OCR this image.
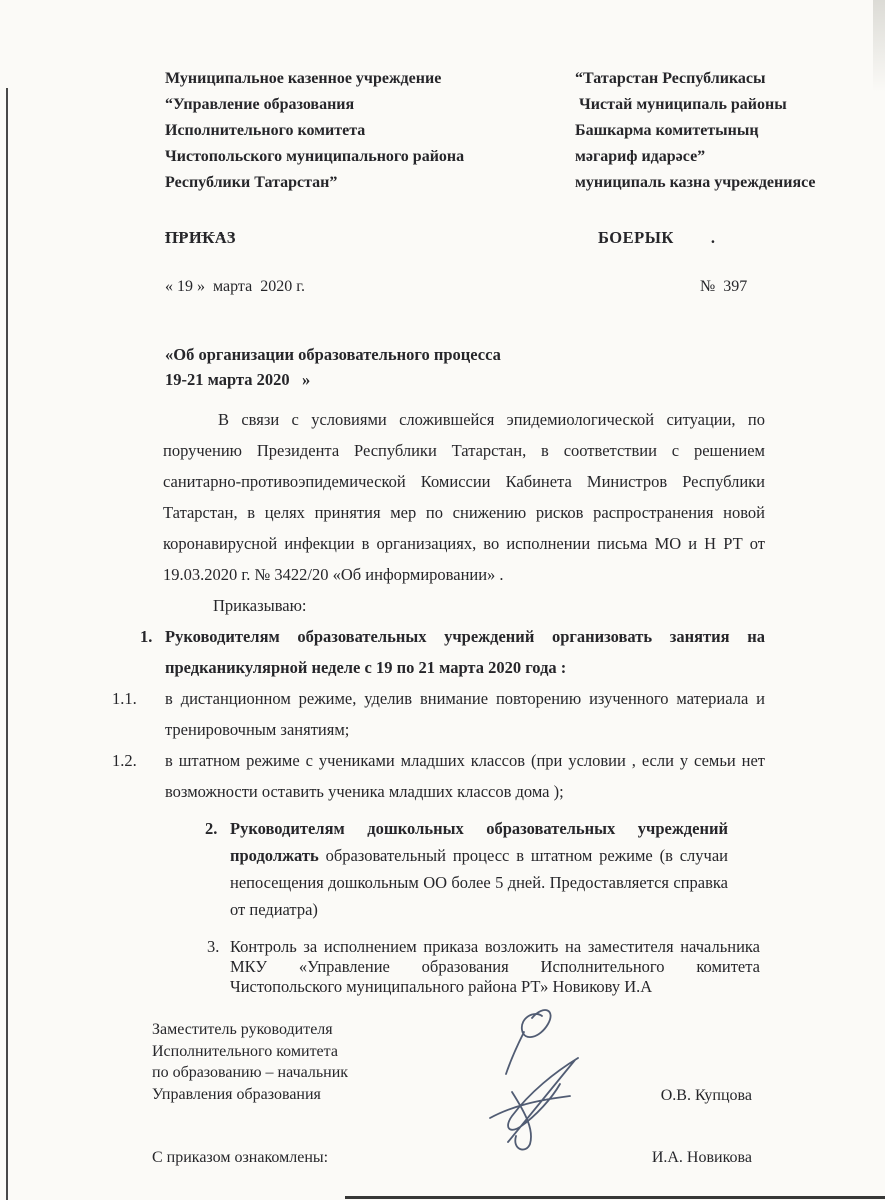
Муниципальное казенное учреждение
“Управление образования
Исполнительного комитета
Чистопольского муниципального района
Республики Татарстан”
“Татарстан Республикасы
Чистай муниципаль районы
Башкарма комитетының
мәгариф идарәсе”
муниципаль казна учреждениясе
ПРИКАЗ	БОЕРЫК        .
« 19 »  марта  2020 г.	№  397
«Об организации образовательного процесса
19-21 марта 2020   »

В связи с условиями сложившейся эпидемиологической ситуации, по поручению Президента Республики Татарстан, в соответствии с решением санитарно-противоэпидемической Комиссии Кабинета Министров Республики Татарстан, в целях принятия мер по снижению рисков распространения новой коронавирусной инфекции в организациях, во исполнении письма МО и Н РТ от 19.03.2020 г. № 3422/20 «Об информировании» .

Приказываю:

1. Руководителям образовательных учреждений организовать занятия на предканикулярной неделе с 19 по 21 марта 2020 года :
1.1. в дистанционном режиме, уделив внимание повторению изученного материала и тренировочным занятиям;
1.2. в штатном режиме с учениками младших классов (при условии , если у семьи нет возможности оставить ученика младших классов дома );
2. Руководителям дошкольных образовательных учреждений продолжать образовательный процесс в штатном режиме (в случаи непосещения дошкольным ОО более 5 дней. Предоставляется справка от педиатра)
3. Контроль за исполнением приказа возложить на заместителя начальника МКУ «Управление образования Исполнительного комитета Чистопольского муниципального района РТ» Новикову И.А
Заместитель руководителя
Исполнительного комитета
по образованию – начальник
Управления образования	О.В. Купцова
С приказом ознакомлены:	И.А. Новикова
